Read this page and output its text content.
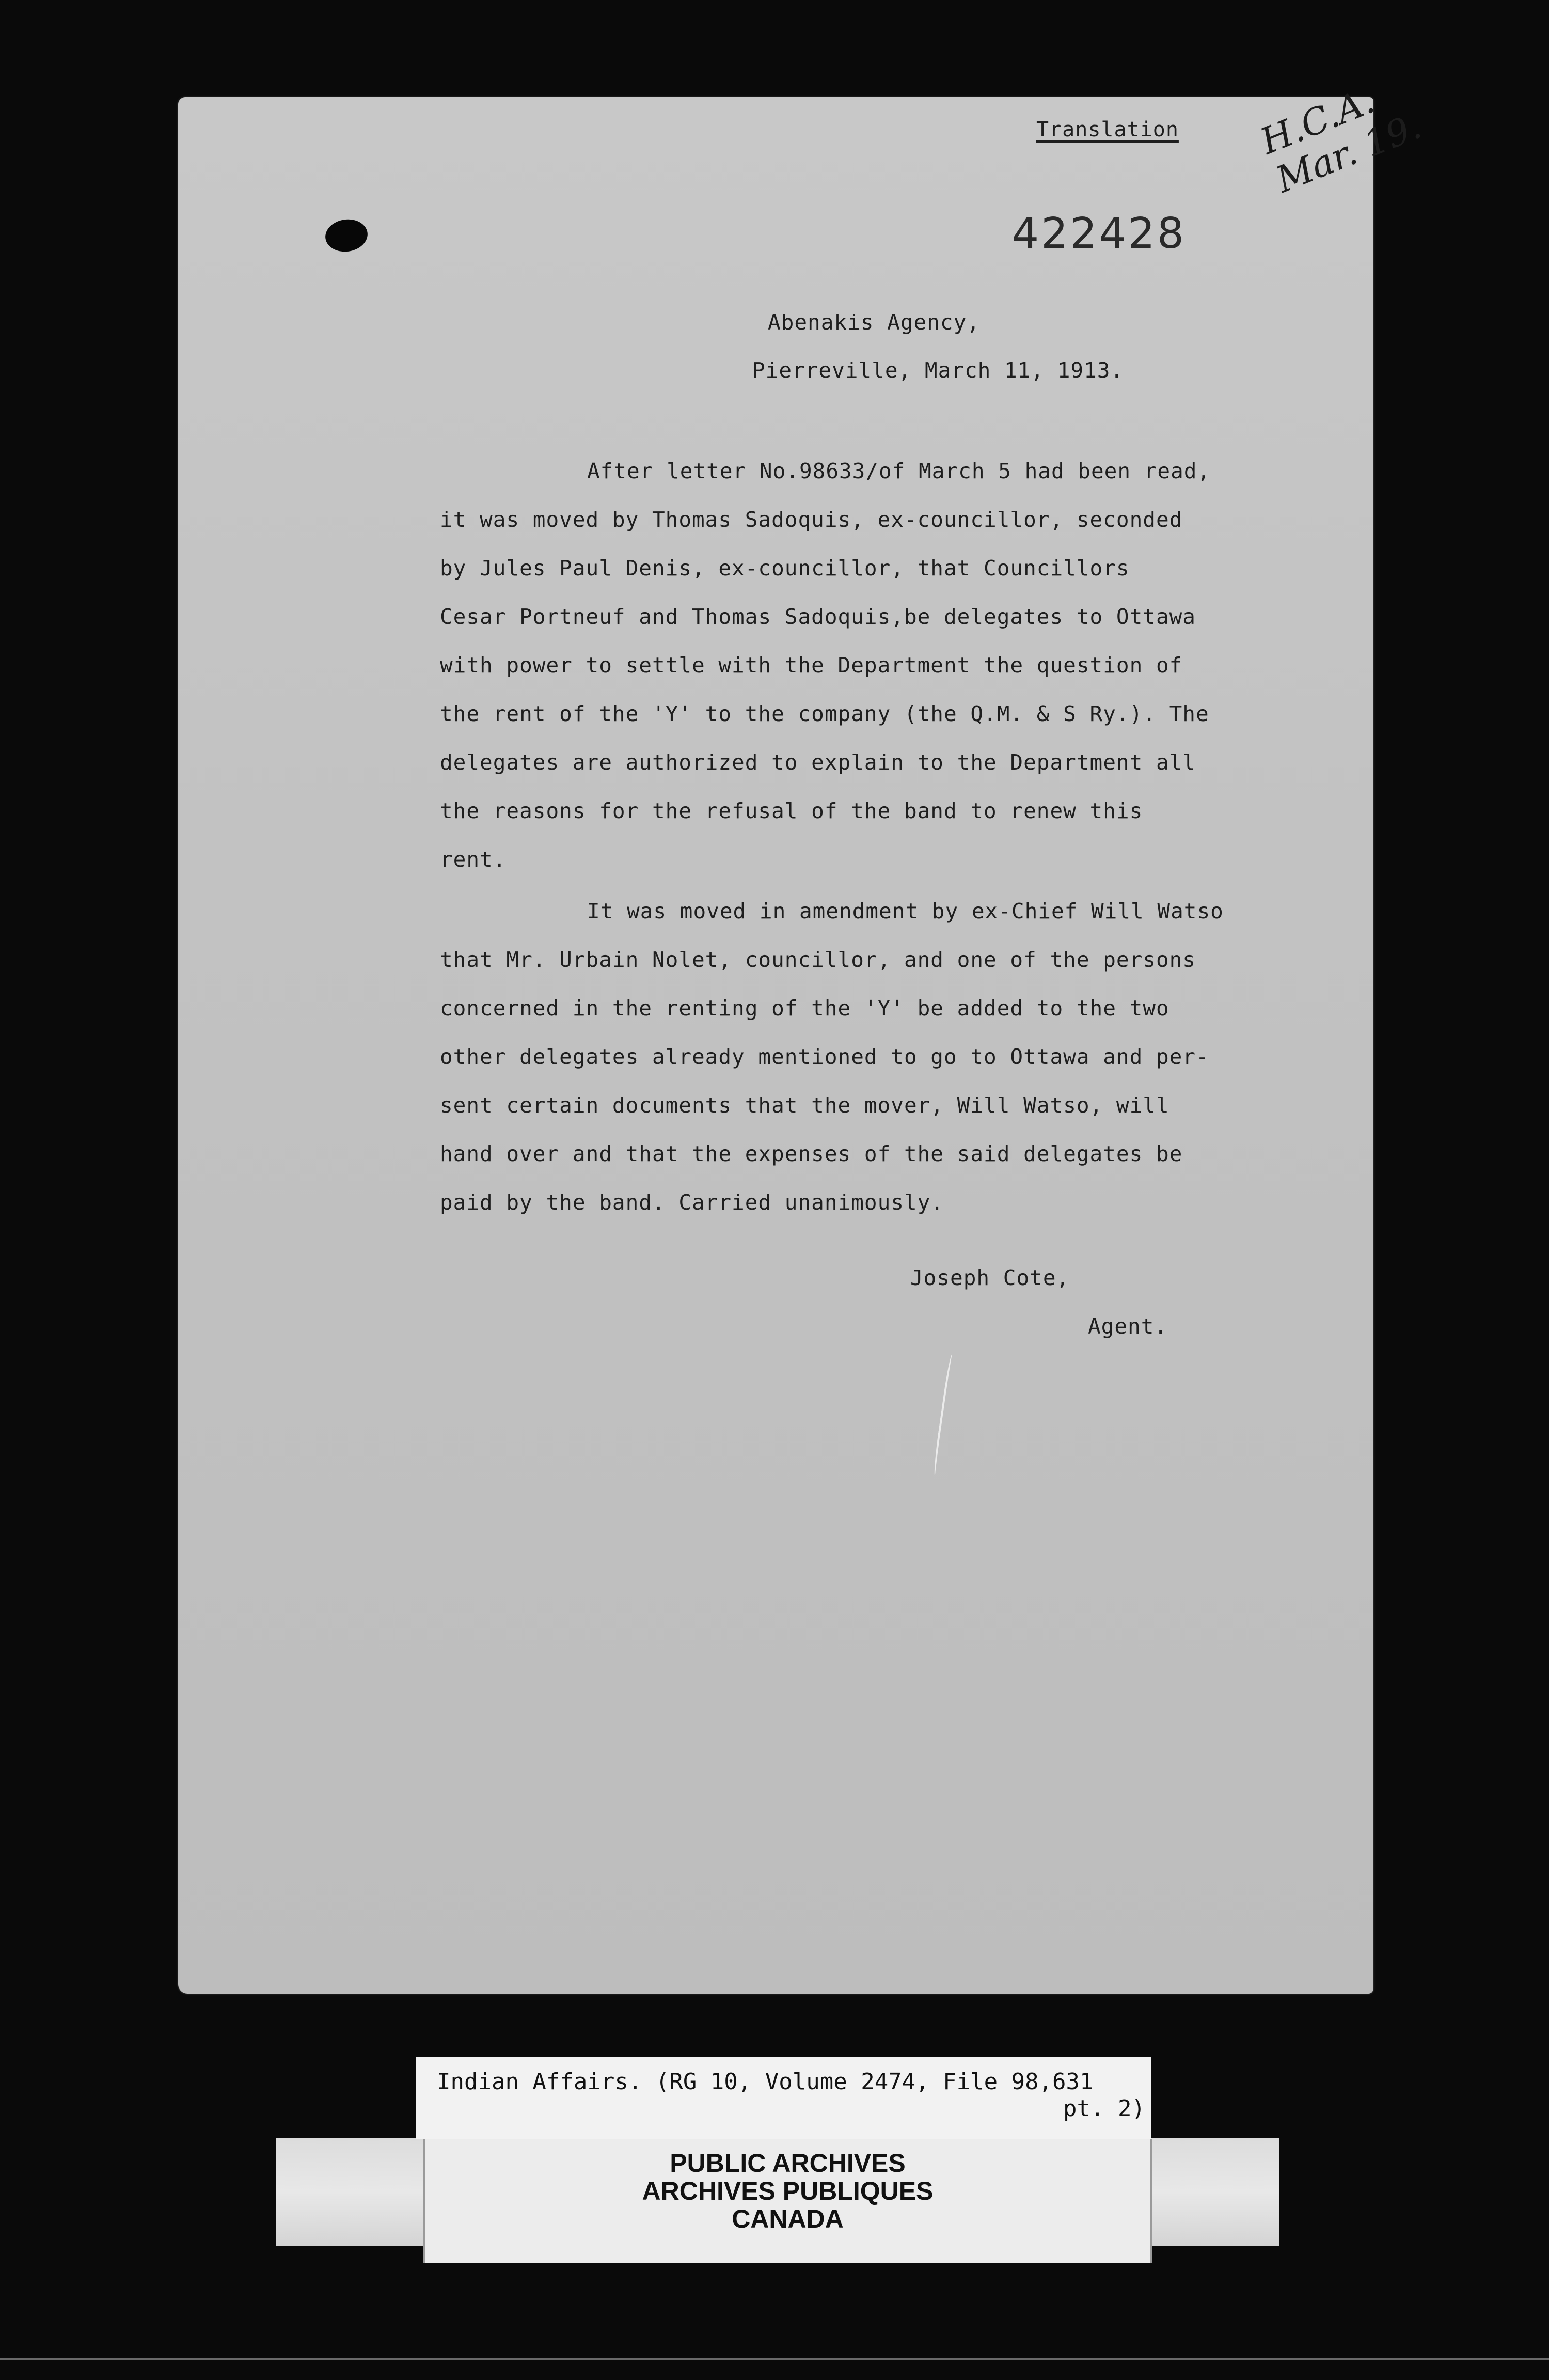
Translation
422428
H.C.A.
Mar. 19.
Abenakis Agency,
Pierreville, March 11, 1913.
After letter No.98633/of March 5 had been read,
it was moved by Thomas Sadoquis, ex-councillor, seconded
by Jules Paul Denis, ex-councillor, that Councillors
Cesar Portneuf and Thomas Sadoquis,be delegates to Ottawa
with power to settle with the Department the question of
the rent of the 'Y' to the company (the Q.M. & S Ry.). The
delegates are authorized to explain to the Department all
the reasons for the refusal of the band to renew this
rent.
It was moved in amendment by ex-Chief Will Watso
that Mr. Urbain Nolet, councillor, and one of the persons
concerned in the renting of the 'Y' be added to the two
other delegates already mentioned to go to Ottawa and per-
sent certain documents that the mover, Will Watso, will
hand over and that the expenses of the said delegates be
paid by the band. Carried unanimously.
Joseph Cote,
Agent.
PUBLIC ARCHIVES
ARCHIVES PUBLIQUES
CANADA
Indian Affairs. (RG 10, Volume 2474, File 98,631
pt. 2)
